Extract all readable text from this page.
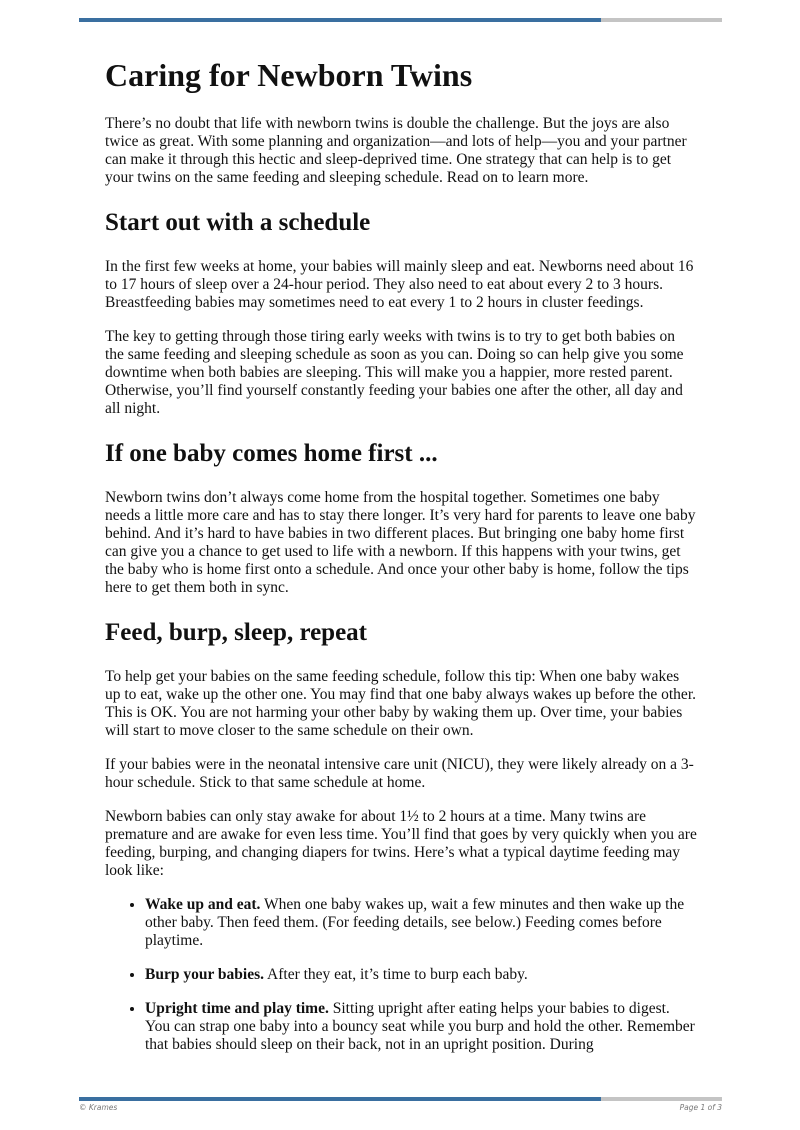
Caring for Newborn Twins

There’s no doubt that life with newborn twins is double the challenge. But the joys are also twice as great. With some planning and organization—and lots of help—you and your partner can make it through this hectic and sleep-deprived time. One strategy that can help is to get your twins on the same feeding and sleeping schedule. Read on to learn more.

Start out with a schedule

In the first few weeks at home, your babies will mainly sleep and eat. Newborns need about 16 to 17 hours of sleep over a 24-hour period. They also need to eat about every 2 to 3 hours. Breastfeeding babies may sometimes need to eat every 1 to 2 hours in cluster feedings.

The key to getting through those tiring early weeks with twins is to try to get both babies on the same feeding and sleeping schedule as soon as you can. Doing so can help give you some downtime when both babies are sleeping. This will make you a happier, more rested parent. Otherwise, you’ll find yourself constantly feeding your babies one after the other, all day and all night.

If one baby comes home first ...

Newborn twins don’t always come home from the hospital together. Sometimes one baby needs a little more care and has to stay there longer. It’s very hard for parents to leave one baby behind. And it’s hard to have babies in two different places. But bringing one baby home first can give you a chance to get used to life with a newborn. If this happens with your twins, get the baby who is home first onto a schedule. And once your other baby is home, follow the tips here to get them both in sync.

Feed, burp, sleep, repeat

To help get your babies on the same feeding schedule, follow this tip: When one baby wakes up to eat, wake up the other one. You may find that one baby always wakes up before the other. This is OK. You are not harming your other baby by waking them up. Over time, your babies will start to move closer to the same schedule on their own.

If your babies were in the neonatal intensive care unit (NICU), they were likely already on a 3-hour schedule. Stick to that same schedule at home.

Newborn babies can only stay awake for about 1½ to 2 hours at a time. Many twins are premature and are awake for even less time. You’ll find that goes by very quickly when you are feeding, burping, and changing diapers for twins. Here’s what a typical daytime feeding may look like:

• Wake up and eat. When one baby wakes up, wait a few minutes and then wake up the other baby. Then feed them. (For feeding details, see below.) Feeding comes before playtime.
• Burp your babies. After they eat, it’s time to burp each baby.
• Upright time and play time. Sitting upright after eating helps your babies to digest. You can strap one baby into a bouncy seat while you burp and hold the other. Remember that babies should sleep on their back, not in an upright position. During
© Krames	Page 1 of 3
